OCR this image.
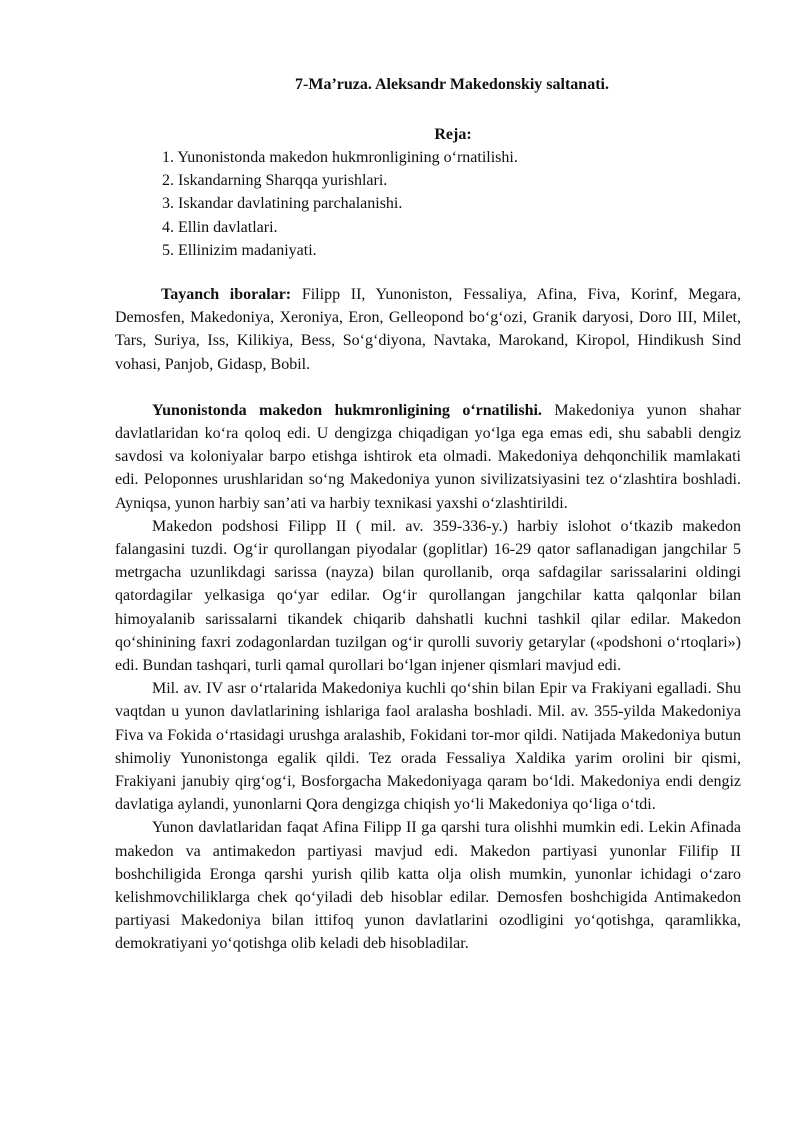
7-Ma’ruza. Aleksandr Makedonskiy saltanati.
Reja:
1. Yunonistonda makedon hukmronligining o‘rnatilishi.
2. Iskandarning Sharqqa yurishlari.
3. Iskandar davlatining parchalanishi.
4. Ellin davlatlari.
5. Ellinizim madaniyati.

Tayanch iboralar: Filipp II, Yunoniston, Fessaliya, Afina, Fiva, Korinf, Megara, Demosfen, Makedoniya, Xeroniya, Eron, Gelleopond bo‘g‘ozi, Granik daryosi, Doro III, Milet, Tars, Suriya, Iss, Kilikiya, Bess, So‘g‘diyona, Navtaka, Marokand, Kiropol, Hindikush Sind vohasi, Panjob, Gidasp, Bobil.

Yunonistonda makedon hukmronligining o‘rnatilishi. Makedoniya yunon shahar davlatlaridan ko‘ra qoloq edi. U dengizga chiqadigan yo‘lga ega emas edi, shu sababli dengiz savdosi va koloniyalar barpo etishga ishtirok eta olmadi. Makedoniya dehqonchilik mamlakati edi. Peloponnes urushlaridan so‘ng Makedoniya yunon sivilizatsiyasini tez o‘zlashtira boshladi. Ayniqsa, yunon harbiy san’ati va harbiy texnikasi yaxshi o‘zlashtirildi.

Makedon podshosi Filipp II ( mil. av. 359-336-y.) harbiy islohot o‘tkazib makedon falangasini tuzdi. Og‘ir qurollangan piyodalar (goplitlar) 16-29 qator saflanadigan jangchilar 5 metrgacha uzunlikdagi sarissa (nayza) bilan qurollanib, orqa safdagilar sarissalarini oldingi qatordagilar yelkasiga qo‘yar edilar. Og‘ir qurollangan jangchilar katta qalqonlar bilan himoyalanib sarissalarni tikandek chiqarib dahshatli kuchni tashkil qilar edilar. Makedon qo‘shinining faxri zodagonlardan tuzilgan og‘ir qurolli suvoriy getarylar («podshoni o‘rtoqlari») edi. Bundan tashqari, turli qamal qurollari bo‘lgan injener qismlari mavjud edi.

Mil. av. IV asr o‘rtalarida Makedoniya kuchli qo‘shin bilan Epir va Frakiyani egalladi. Shu vaqtdan u yunon davlatlarining ishlariga faol aralasha boshladi. Mil. av. 355-yilda Makedoniya Fiva va Fokida o‘rtasidagi urushga aralashib, Fokidani tor-mor qildi. Natijada Makedoniya butun shimoliy Yunonistonga egalik qildi. Tez orada Fessaliya Xaldika yarim orolini bir qismi, Frakiyani janubiy qirg‘og‘i, Bosforgacha Makedoniyaga qaram bo‘ldi. Makedoniya endi dengiz davlatiga aylandi, yunonlarni Qora dengizga chiqish yo‘li Makedoniya qo‘liga o‘tdi.

Yunon davlatlaridan faqat Afina Filipp II ga qarshi tura olishhi mumkin edi. Lekin Afinada makedon va antimakedon partiyasi mavjud edi. Makedon partiyasi yunonlar Filifip II boshchiligida Eronga qarshi yurish qilib katta olja olish mumkin, yunonlar ichidagi o‘zaro kelishmovchiliklarga chek qo‘yiladi deb hisoblar edilar. Demosfen boshchigida Antimakedon partiyasi Makedoniya bilan ittifoq yunon davlatlarini ozodligini yo‘qotishga, qaramlikka, demokratiyani yo‘qotishga olib keladi deb hisobladilar.
